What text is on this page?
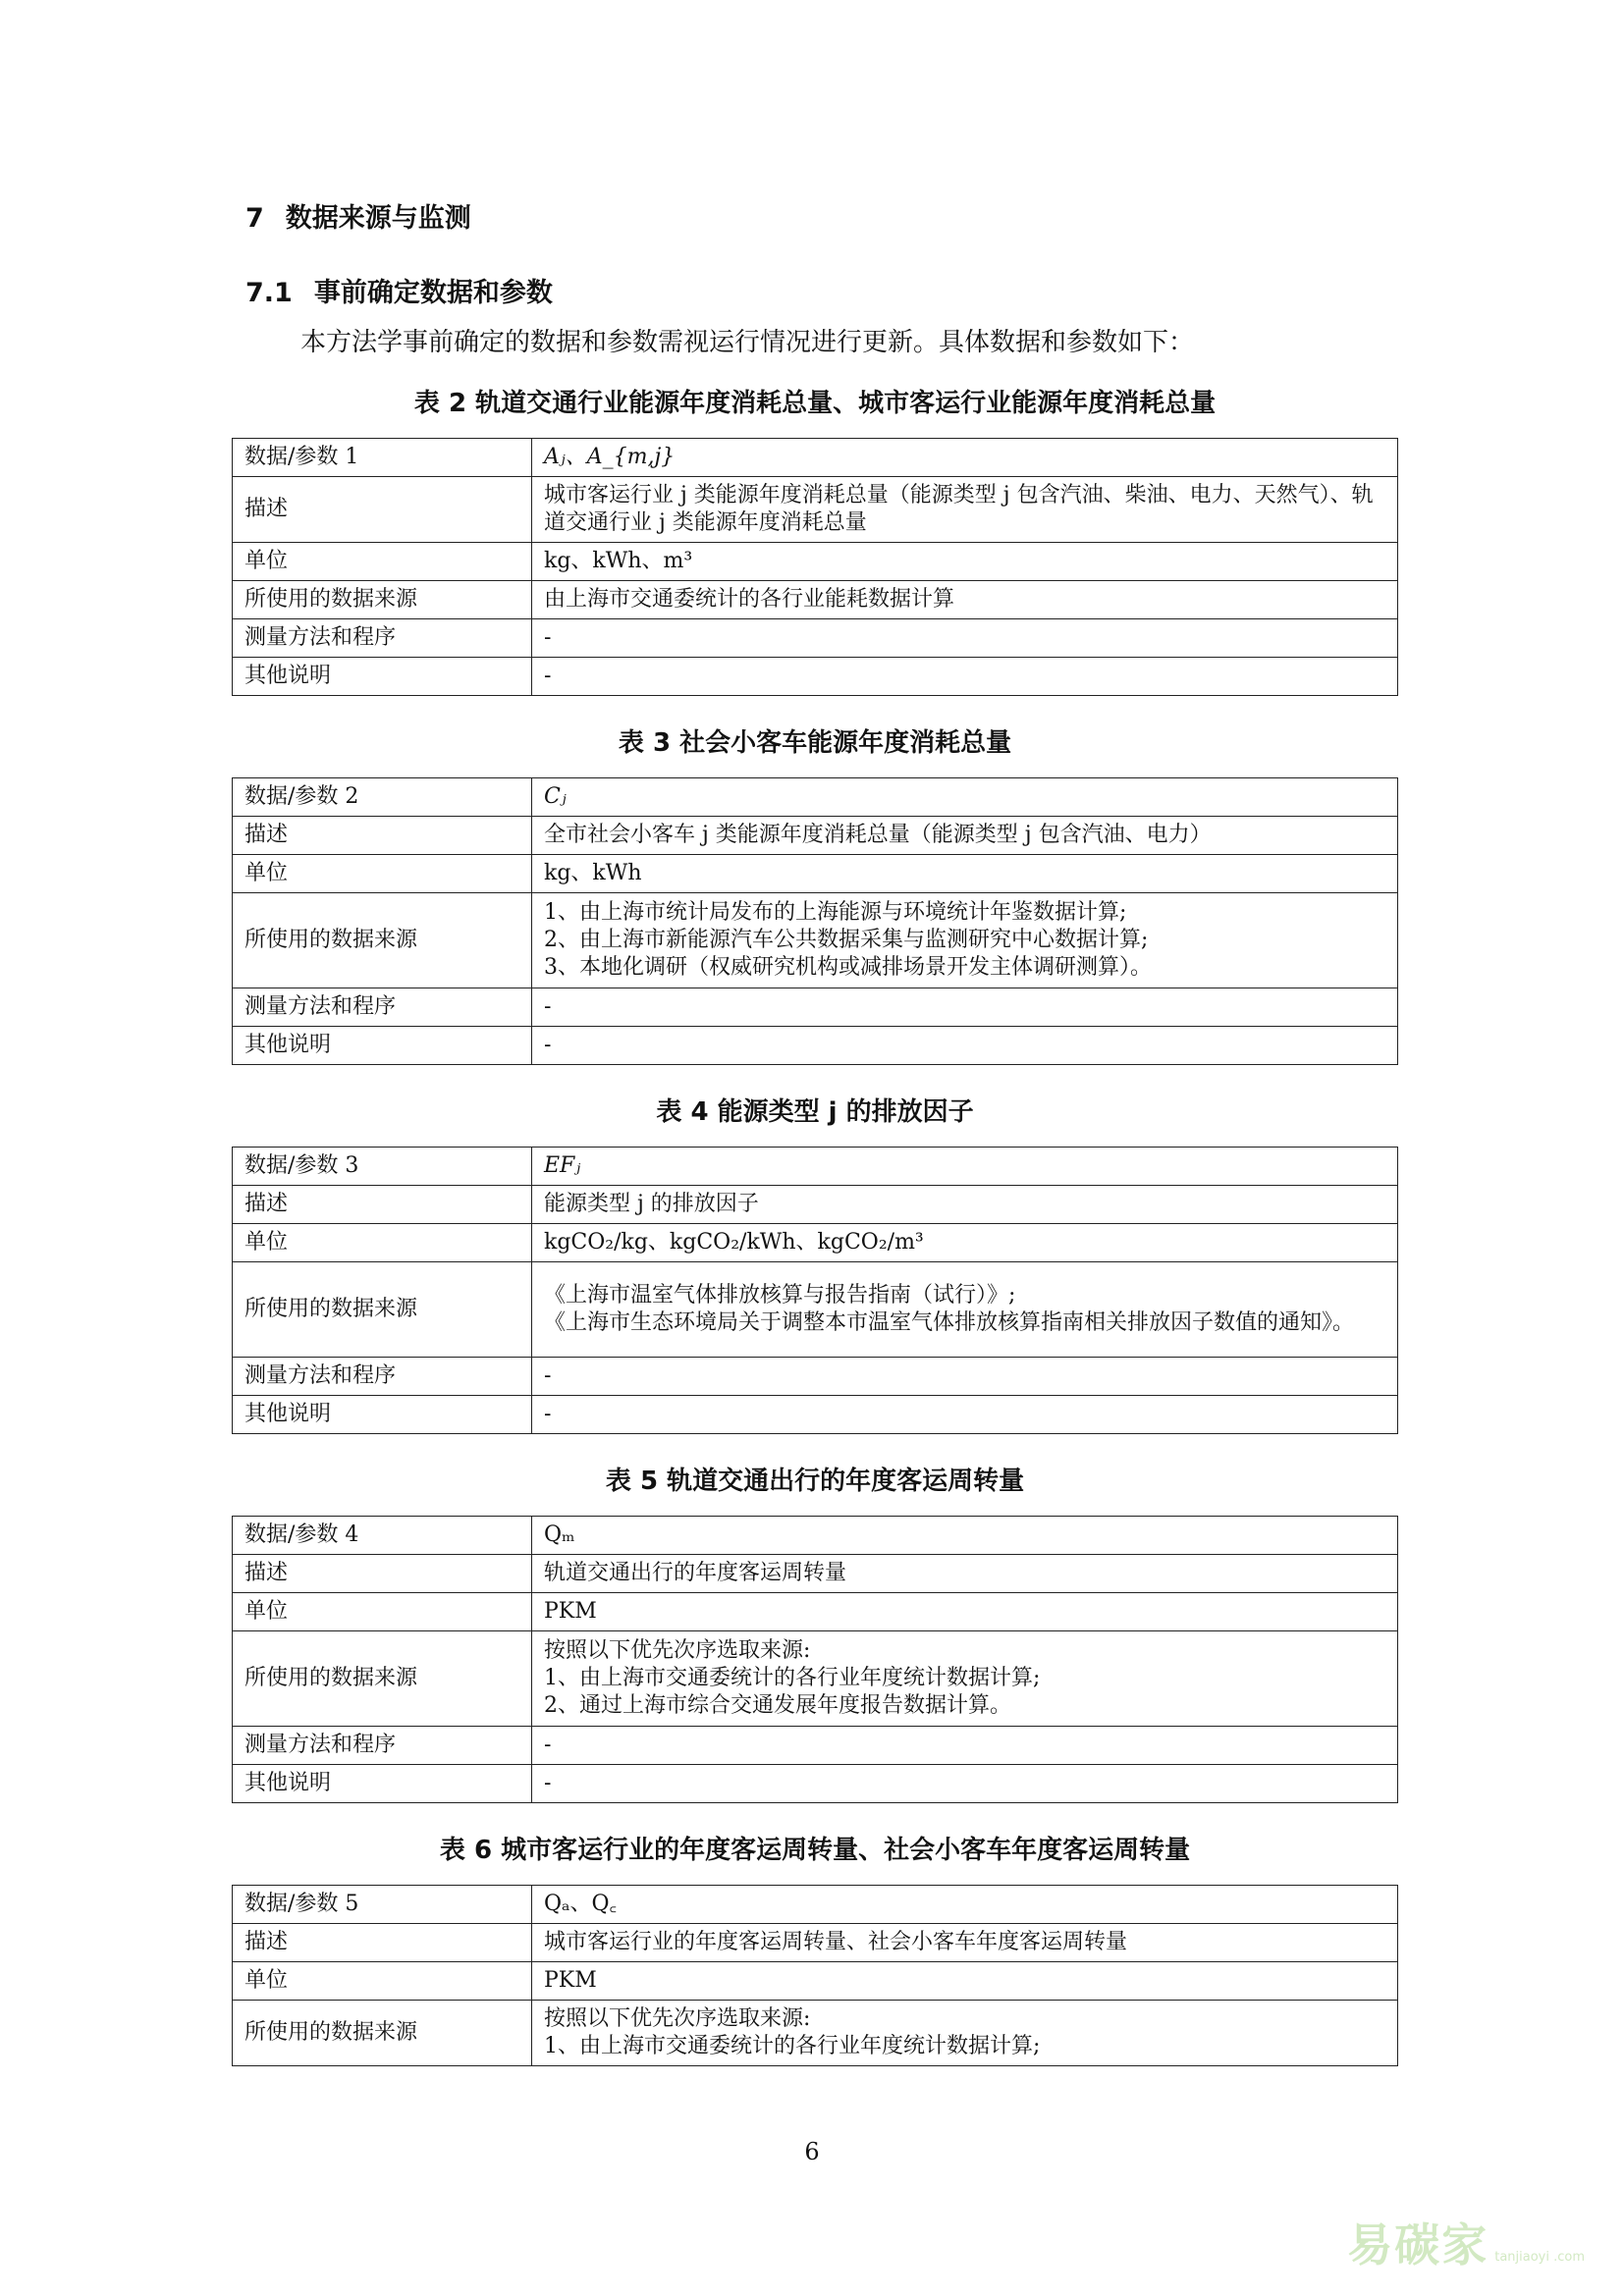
7 数据来源与监测
7.1 事前确定数据和参数
本方法学事前确定的数据和参数需视运行情况进行更新。具体数据和参数如下：
表 2 轨道交通行业能源年度消耗总量、城市客运行业能源年度消耗总量
数据/参数 1	Aⱼ、A_{m,j}
描述	城市客运行业 j 类能源年度消耗总量（能源类型 j 包含汽油、柴油、电力、天然气）、轨道交通行业 j 类能源年度消耗总量
单位	kg、kWh、m³
所使用的数据来源	由上海市交通委统计的各行业能耗数据计算
测量方法和程序	-
其他说明	-
表 3 社会小客车能源年度消耗总量
数据/参数 2	Cⱼ
描述	全市社会小客车 j 类能源年度消耗总量（能源类型 j 包含汽油、电力）
单位	kg、kWh
所使用的数据来源	1、由上海市统计局发布的上海能源与环境统计年鉴数据计算;
2、由上海市新能源汽车公共数据采集与监测研究中心数据计算;
3、本地化调研（权威研究机构或减排场景开发主体调研测算）。
测量方法和程序	-
其他说明	-
表 4 能源类型 j 的排放因子
数据/参数 3	EFⱼ
描述	能源类型 j 的排放因子
单位	kgCO₂/kg、kgCO₂/kWh、kgCO₂/m³
所使用的数据来源	《上海市温室气体排放核算与报告指南（试行）》;
《上海市生态环境局关于调整本市温室气体排放核算指南相关排放因子数值的通知》。
测量方法和程序	-
其他说明	-
表 5 轨道交通出行的年度客运周转量
数据/参数 4	Qₘ
描述	轨道交通出行的年度客运周转量
单位	PKM
所使用的数据来源	按照以下优先次序选取来源:
1、由上海市交通委统计的各行业年度统计数据计算;
2、通过上海市综合交通发展年度报告数据计算。
测量方法和程序	-
其他说明	-
表 6 城市客运行业的年度客运周转量、社会小客车年度客运周转量
数据/参数 5	Qₐ、Q꜀
描述	城市客运行业的年度客运周转量、社会小客车年度客运周转量
单位	PKM
所使用的数据来源	按照以下优先次序选取来源:
1、由上海市交通委统计的各行业年度统计数据计算;
6
易碳家 tanjiaoyi .com
